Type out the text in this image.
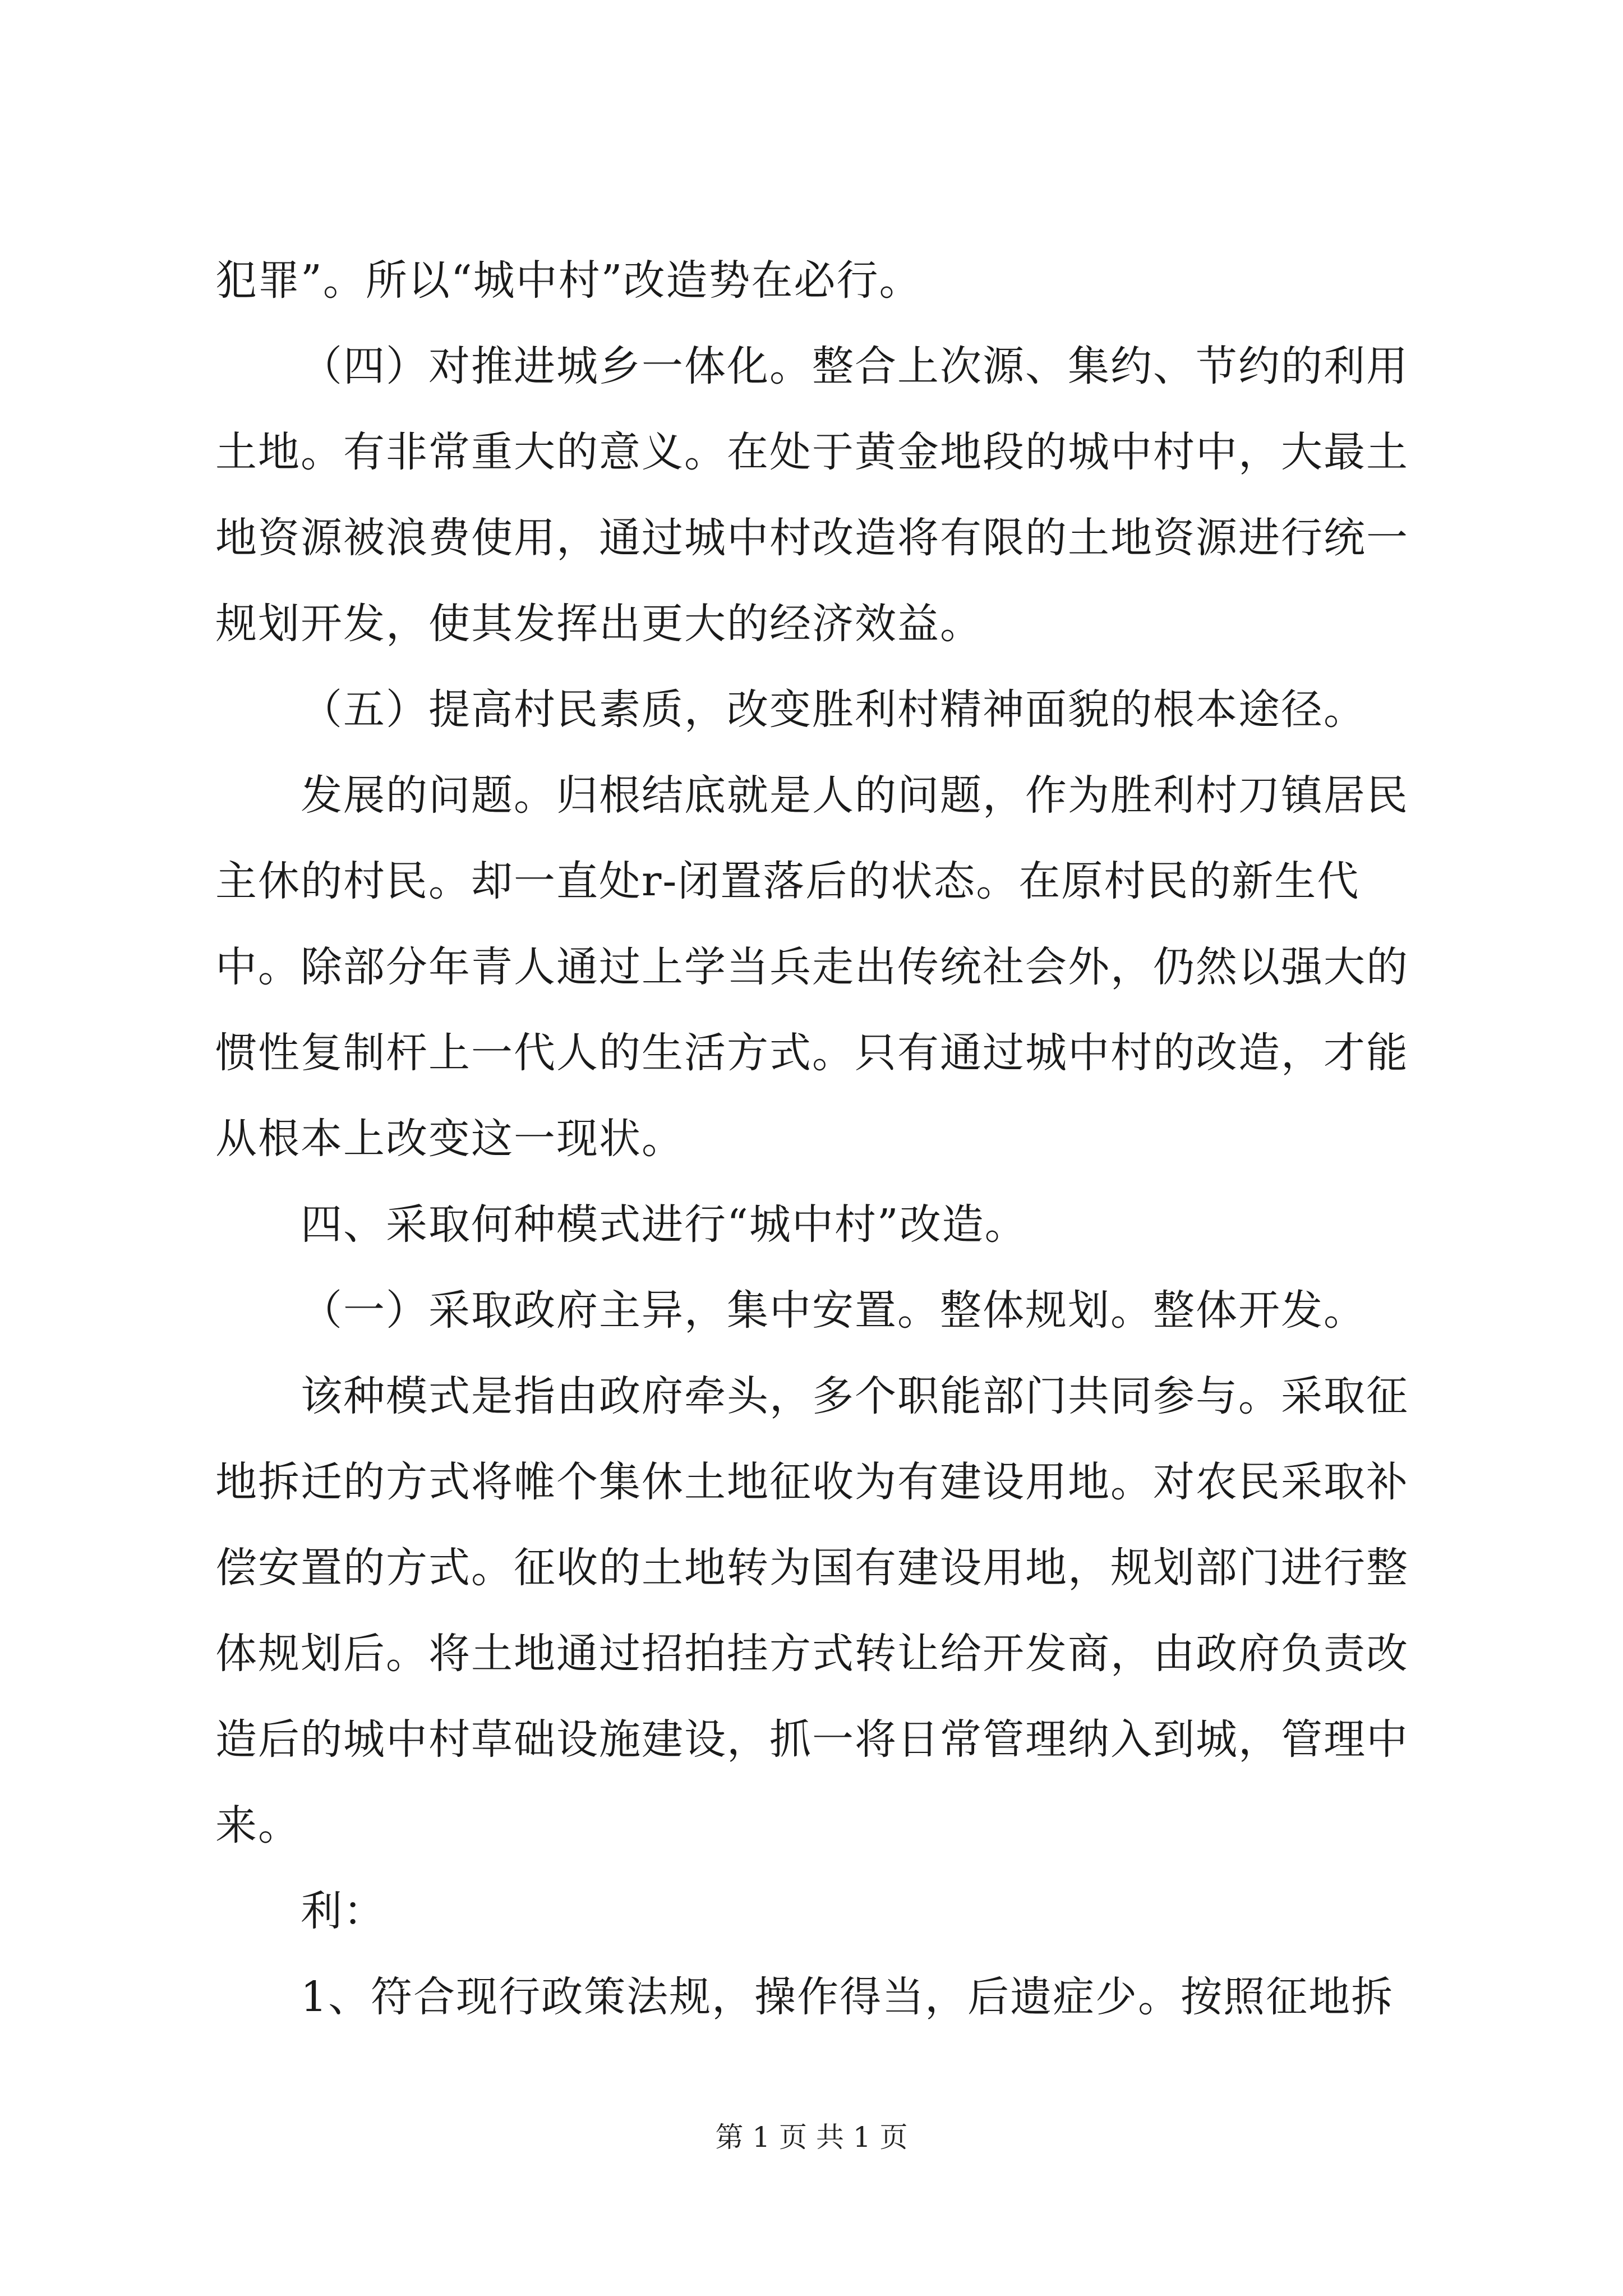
犯罪”。所以“城中村”改造势在必行。
（四）对推进城乡一体化。整合上次源、集约、节约的利用
土地。有非常重大的意义。在处于黄金地段的城中村中，大最土
地资源被浪费使用，通过城中村改造将有限的土地资源进行统一
规划开发，使其发挥出更大的经济效益。
（五）提高村民素质，改变胜利村精神面貌的根本途径。
发展的问题。归根结底就是人的问题，作为胜利村刀镇居民
主休的村民。却一直处r-闭置落后的状态。在原村民的新生代
中。除部分年青人通过上学当兵走出传统社会外，仍然以强大的
惯性复制杆上一代人的生活方式。只有通过城中村的改造，才能
从根本上改变这一现状。
四、采取何种模式进行“城中村”改造。
（一）采取政府主异，集中安置。整体规划。整体开发。
该种模式是指由政府牵头，多个职能部门共同参与。采取征
地拆迁的方式将帷个集休土地征收为有建设用地。对农民采取补
偿安置的方式。征收的土地转为国有建设用地，规划部门进行整
体规划后。将土地通过招拍挂方式转让给开发商，由政府负责改
造后的城中村草础设施建设，抓一将日常管理纳入到城，管理中
来。
利：
1、符合现行政策法规，操作得当，后遗症少。按照征地拆
第 1 页 共 1 页
